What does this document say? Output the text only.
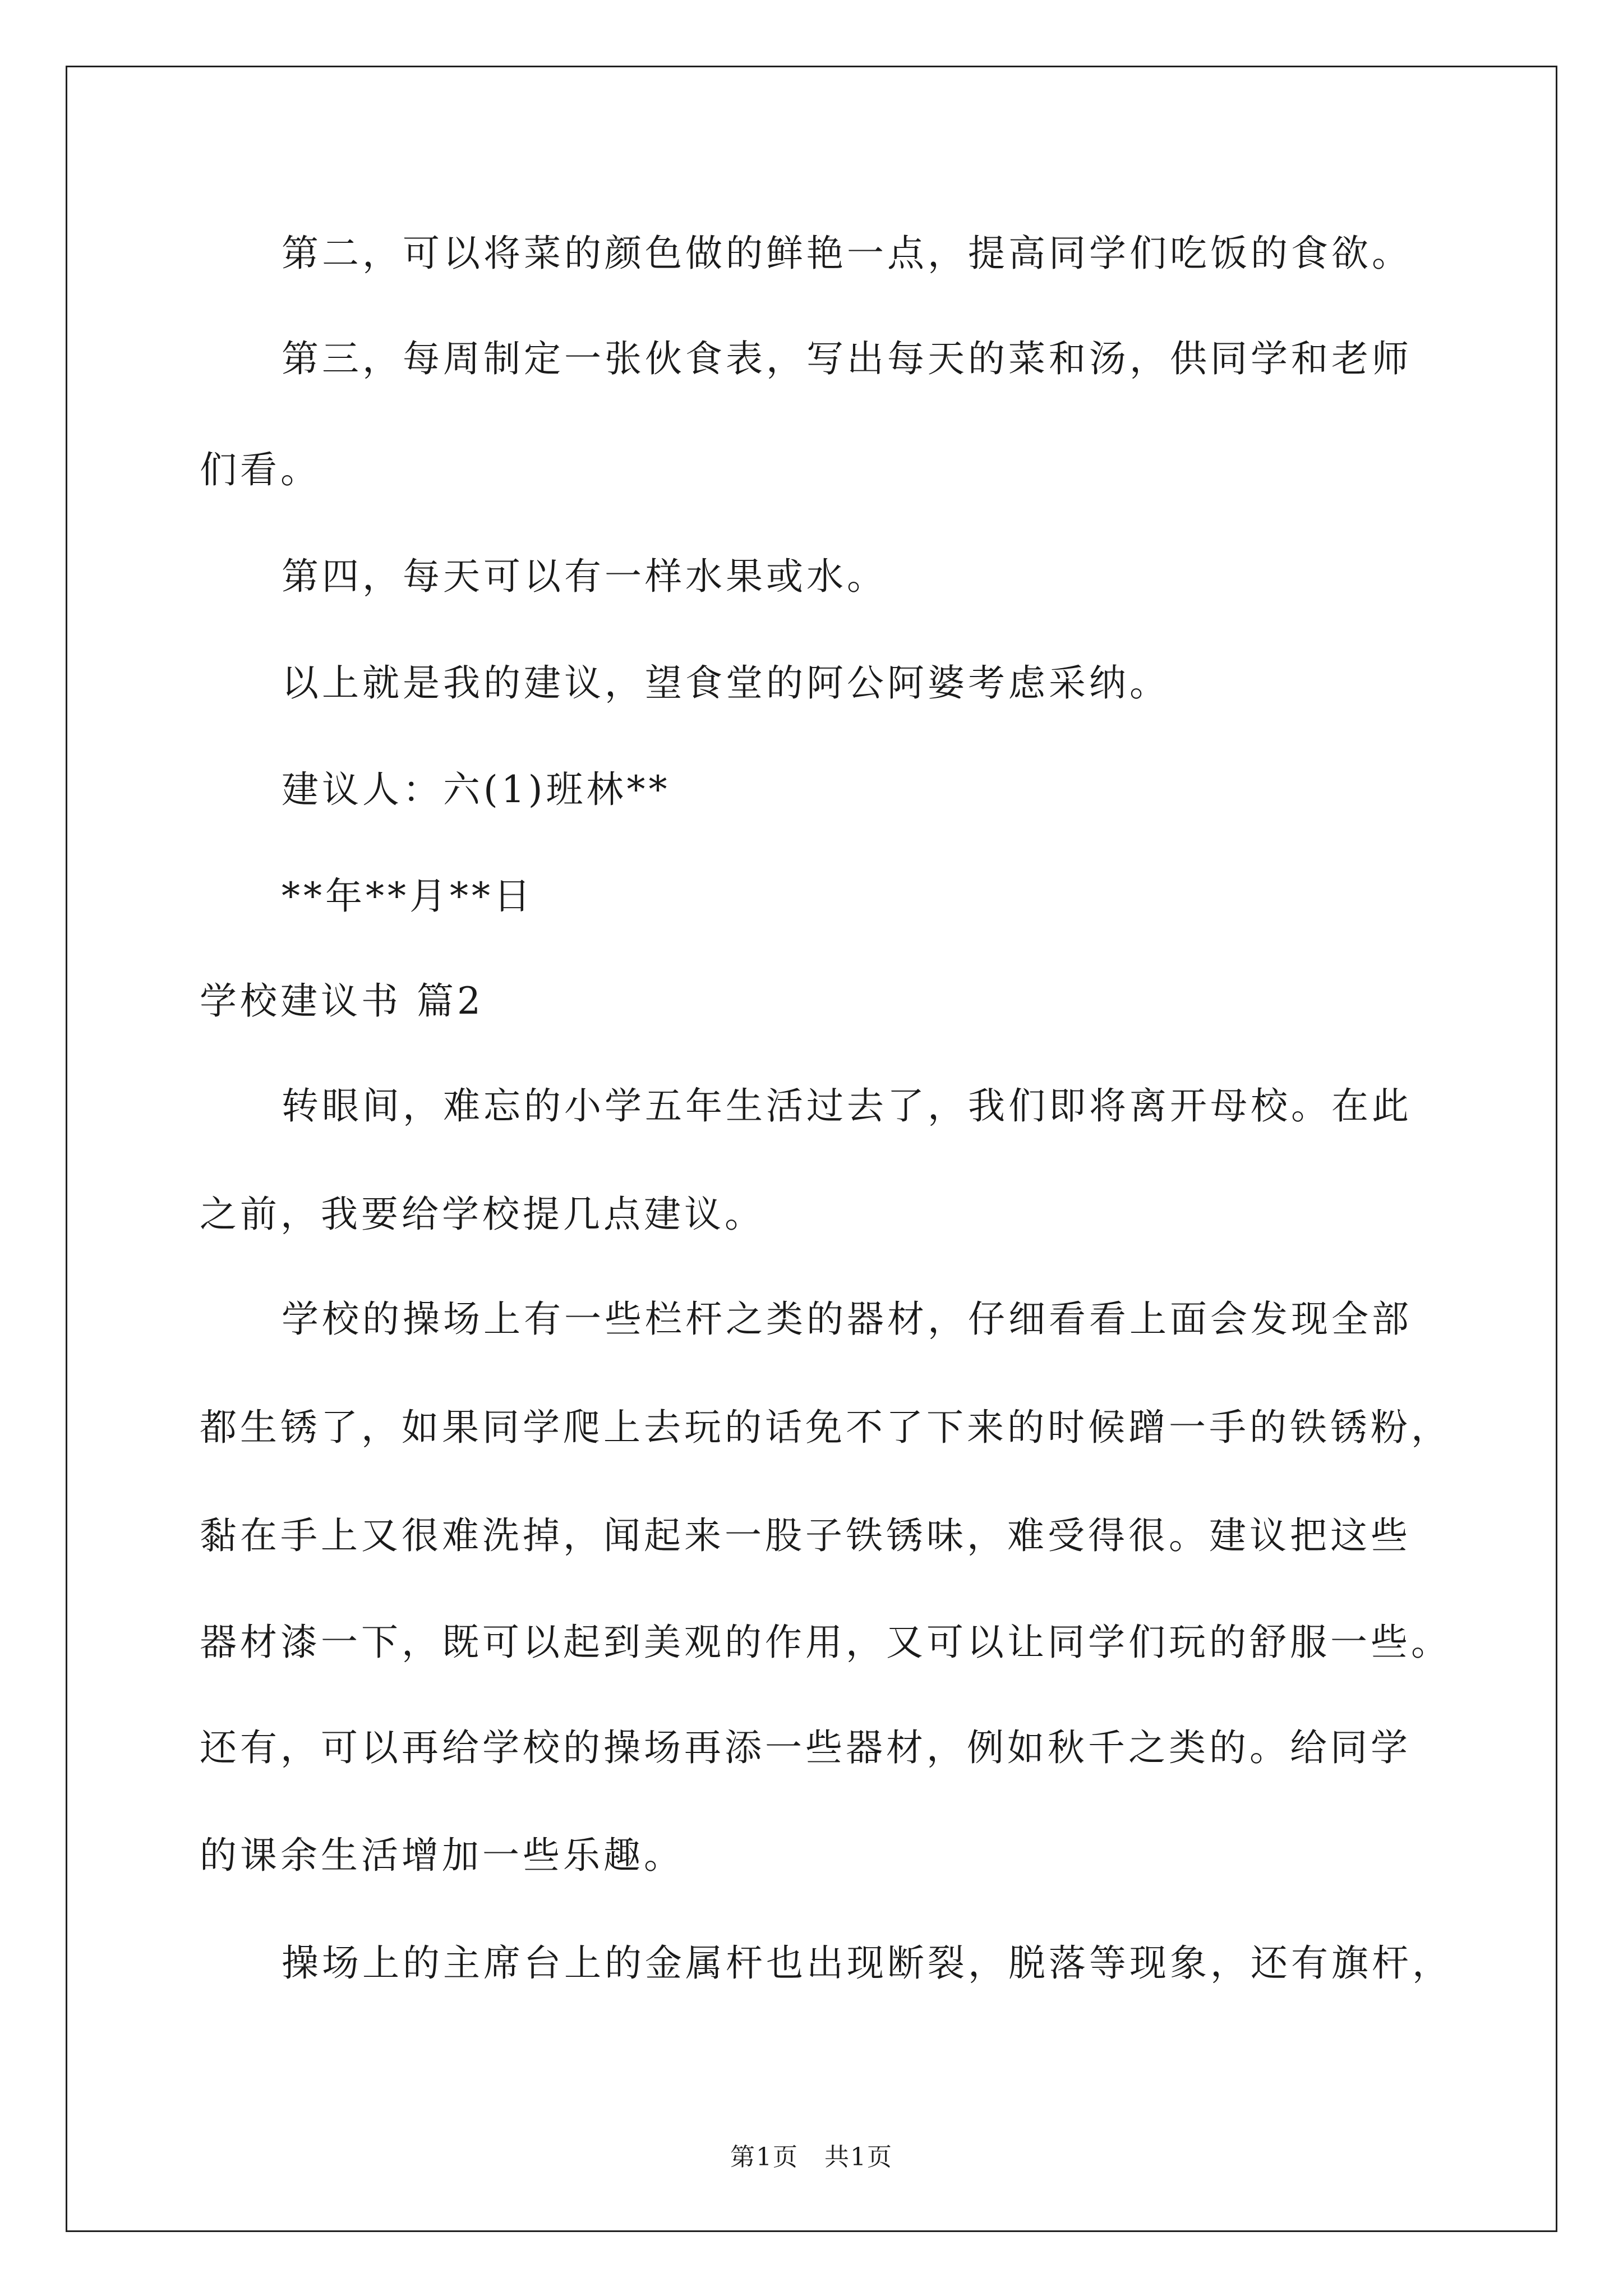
第二，可以将菜的颜色做的鲜艳一点，提高同学们吃饭的食欲。
第三，每周制定一张伙食表，写出每天的菜和汤，供同学和老师
们看。
第四，每天可以有一样水果或水。
以上就是我的建议，望食堂的阿公阿婆考虑采纳。
建议人：六(1)班林**
**年**月**日
学校建议书 篇2
转眼间，难忘的小学五年生活过去了，我们即将离开母校。在此
之前，我要给学校提几点建议。
学校的操场上有一些栏杆之类的器材，仔细看看上面会发现全部
都生锈了，如果同学爬上去玩的话免不了下来的时候蹭一手的铁锈粉，
黏在手上又很难洗掉，闻起来一股子铁锈味，难受得很。建议把这些
器材漆一下，既可以起到美观的作用，又可以让同学们玩的舒服一些。
还有，可以再给学校的操场再添一些器材，例如秋千之类的。给同学
的课余生活增加一些乐趣。
操场上的主席台上的金属杆也出现断裂，脱落等现象，还有旗杆，
第1页　共1页
